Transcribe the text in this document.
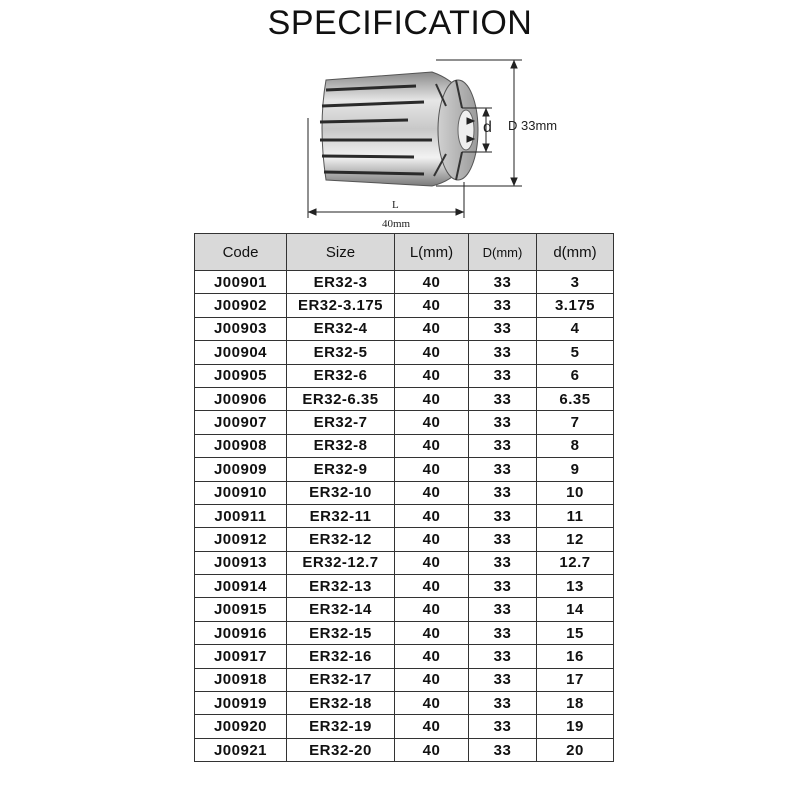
SPECIFICATION
d D 33mm
L
40mm
Code	Size	L(mm)	D(mm)	d(mm)
J00901	ER32-3	40	33	3
J00902	ER32-3.175	40	33	3.175
J00903	ER32-4	40	33	4
J00904	ER32-5	40	33	5
J00905	ER32-6	40	33	6
J00906	ER32-6.35	40	33	6.35
J00907	ER32-7	40	33	7
J00908	ER32-8	40	33	8
J00909	ER32-9	40	33	9
J00910	ER32-10	40	33	10
J00911	ER32-11	40	33	11
J00912	ER32-12	40	33	12
J00913	ER32-12.7	40	33	12.7
J00914	ER32-13	40	33	13
J00915	ER32-14	40	33	14
J00916	ER32-15	40	33	15
J00917	ER32-16	40	33	16
J00918	ER32-17	40	33	17
J00919	ER32-18	40	33	18
J00920	ER32-19	40	33	19
J00921	ER32-20	40	33	20
